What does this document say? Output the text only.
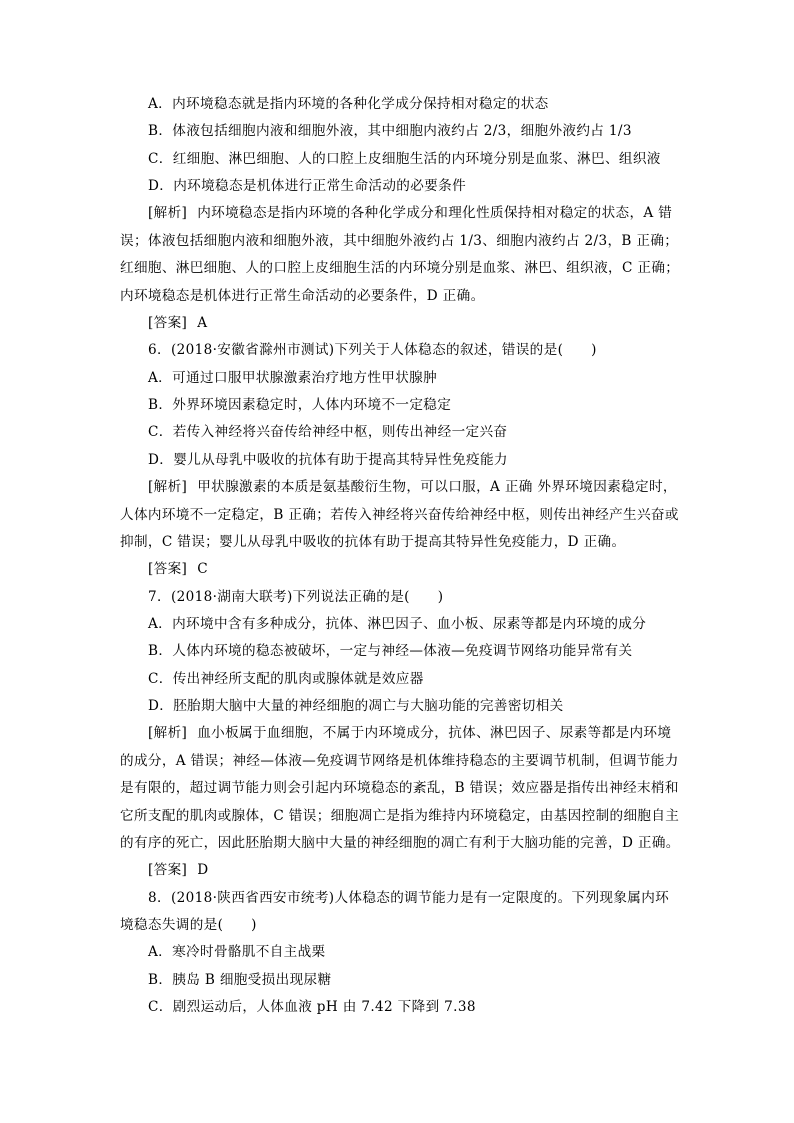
A．内环境稳态就是指内环境的各种化学成分保持相对稳定的状态
B．体液包括细胞内液和细胞外液，其中细胞内液约占 2/3，细胞外液约占 1/3
C．红细胞、淋巴细胞、人的口腔上皮细胞生活的内环境分别是血浆、淋巴、组织液
D．内环境稳态是机体进行正常生命活动的必要条件
[解析] 内环境稳态是指内环境的各种化学成分和理化性质保持相对稳定的状态，A 错
误；体液包括细胞内液和细胞外液，其中细胞外液约占 1/3、细胞内液约占 2/3，B 正确；
红细胞、淋巴细胞、人的口腔上皮细胞生活的内环境分别是血浆、淋巴、组织液，C 正确；
内环境稳态是机体进行正常生命活动的必要条件，D 正确。
[答案] A
6．(2018·安徽省滁州市测试)下列关于人体稳态的叙述，错误的是(　　)
A．可通过口服甲状腺激素治疗地方性甲状腺肿
B．外界环境因素稳定时，人体内环境不一定稳定
C．若传入神经将兴奋传给神经中枢，则传出神经一定兴奋
D．婴儿从母乳中吸收的抗体有助于提高其特异性免疫能力
[解析] 甲状腺激素的本质是氨基酸衍生物，可以口服，A 正确 外界环境因素稳定时，
人体内环境不一定稳定，B 正确；若传入神经将兴奋传给神经中枢，则传出神经产生兴奋或
抑制，C 错误；婴儿从母乳中吸收的抗体有助于提高其特异性免疫能力，D 正确。
[答案] C
7．(2018·湖南大联考)下列说法正确的是(　　)
A．内环境中含有多种成分，抗体、淋巴因子、血小板、尿素等都是内环境的成分
B．人体内环境的稳态被破坏，一定与神经—体液—免疫调节网络功能异常有关
C．传出神经所支配的肌肉或腺体就是效应器
D．胚胎期大脑中大量的神经细胞的凋亡与大脑功能的完善密切相关
[解析] 血小板属于血细胞，不属于内环境成分，抗体、淋巴因子、尿素等都是内环境
的成分，A 错误；神经—体液—免疫调节网络是机体维持稳态的主要调节机制，但调节能力
是有限的，超过调节能力则会引起内环境稳态的紊乱，B 错误；效应器是指传出神经末梢和
它所支配的肌肉或腺体，C 错误；细胞凋亡是指为维持内环境稳定，由基因控制的细胞自主
的有序的死亡，因此胚胎期大脑中大量的神经细胞的凋亡有利于大脑功能的完善，D 正确。
[答案] D
8．(2018·陕西省西安市统考)人体稳态的调节能力是有一定限度的。下列现象属内环
境稳态失调的是(　　)
A．寒冷时骨骼肌不自主战栗
B．胰岛 B 细胞受损出现尿糖
C．剧烈运动后，人体血液 pH 由 7.42 下降到 7.38
